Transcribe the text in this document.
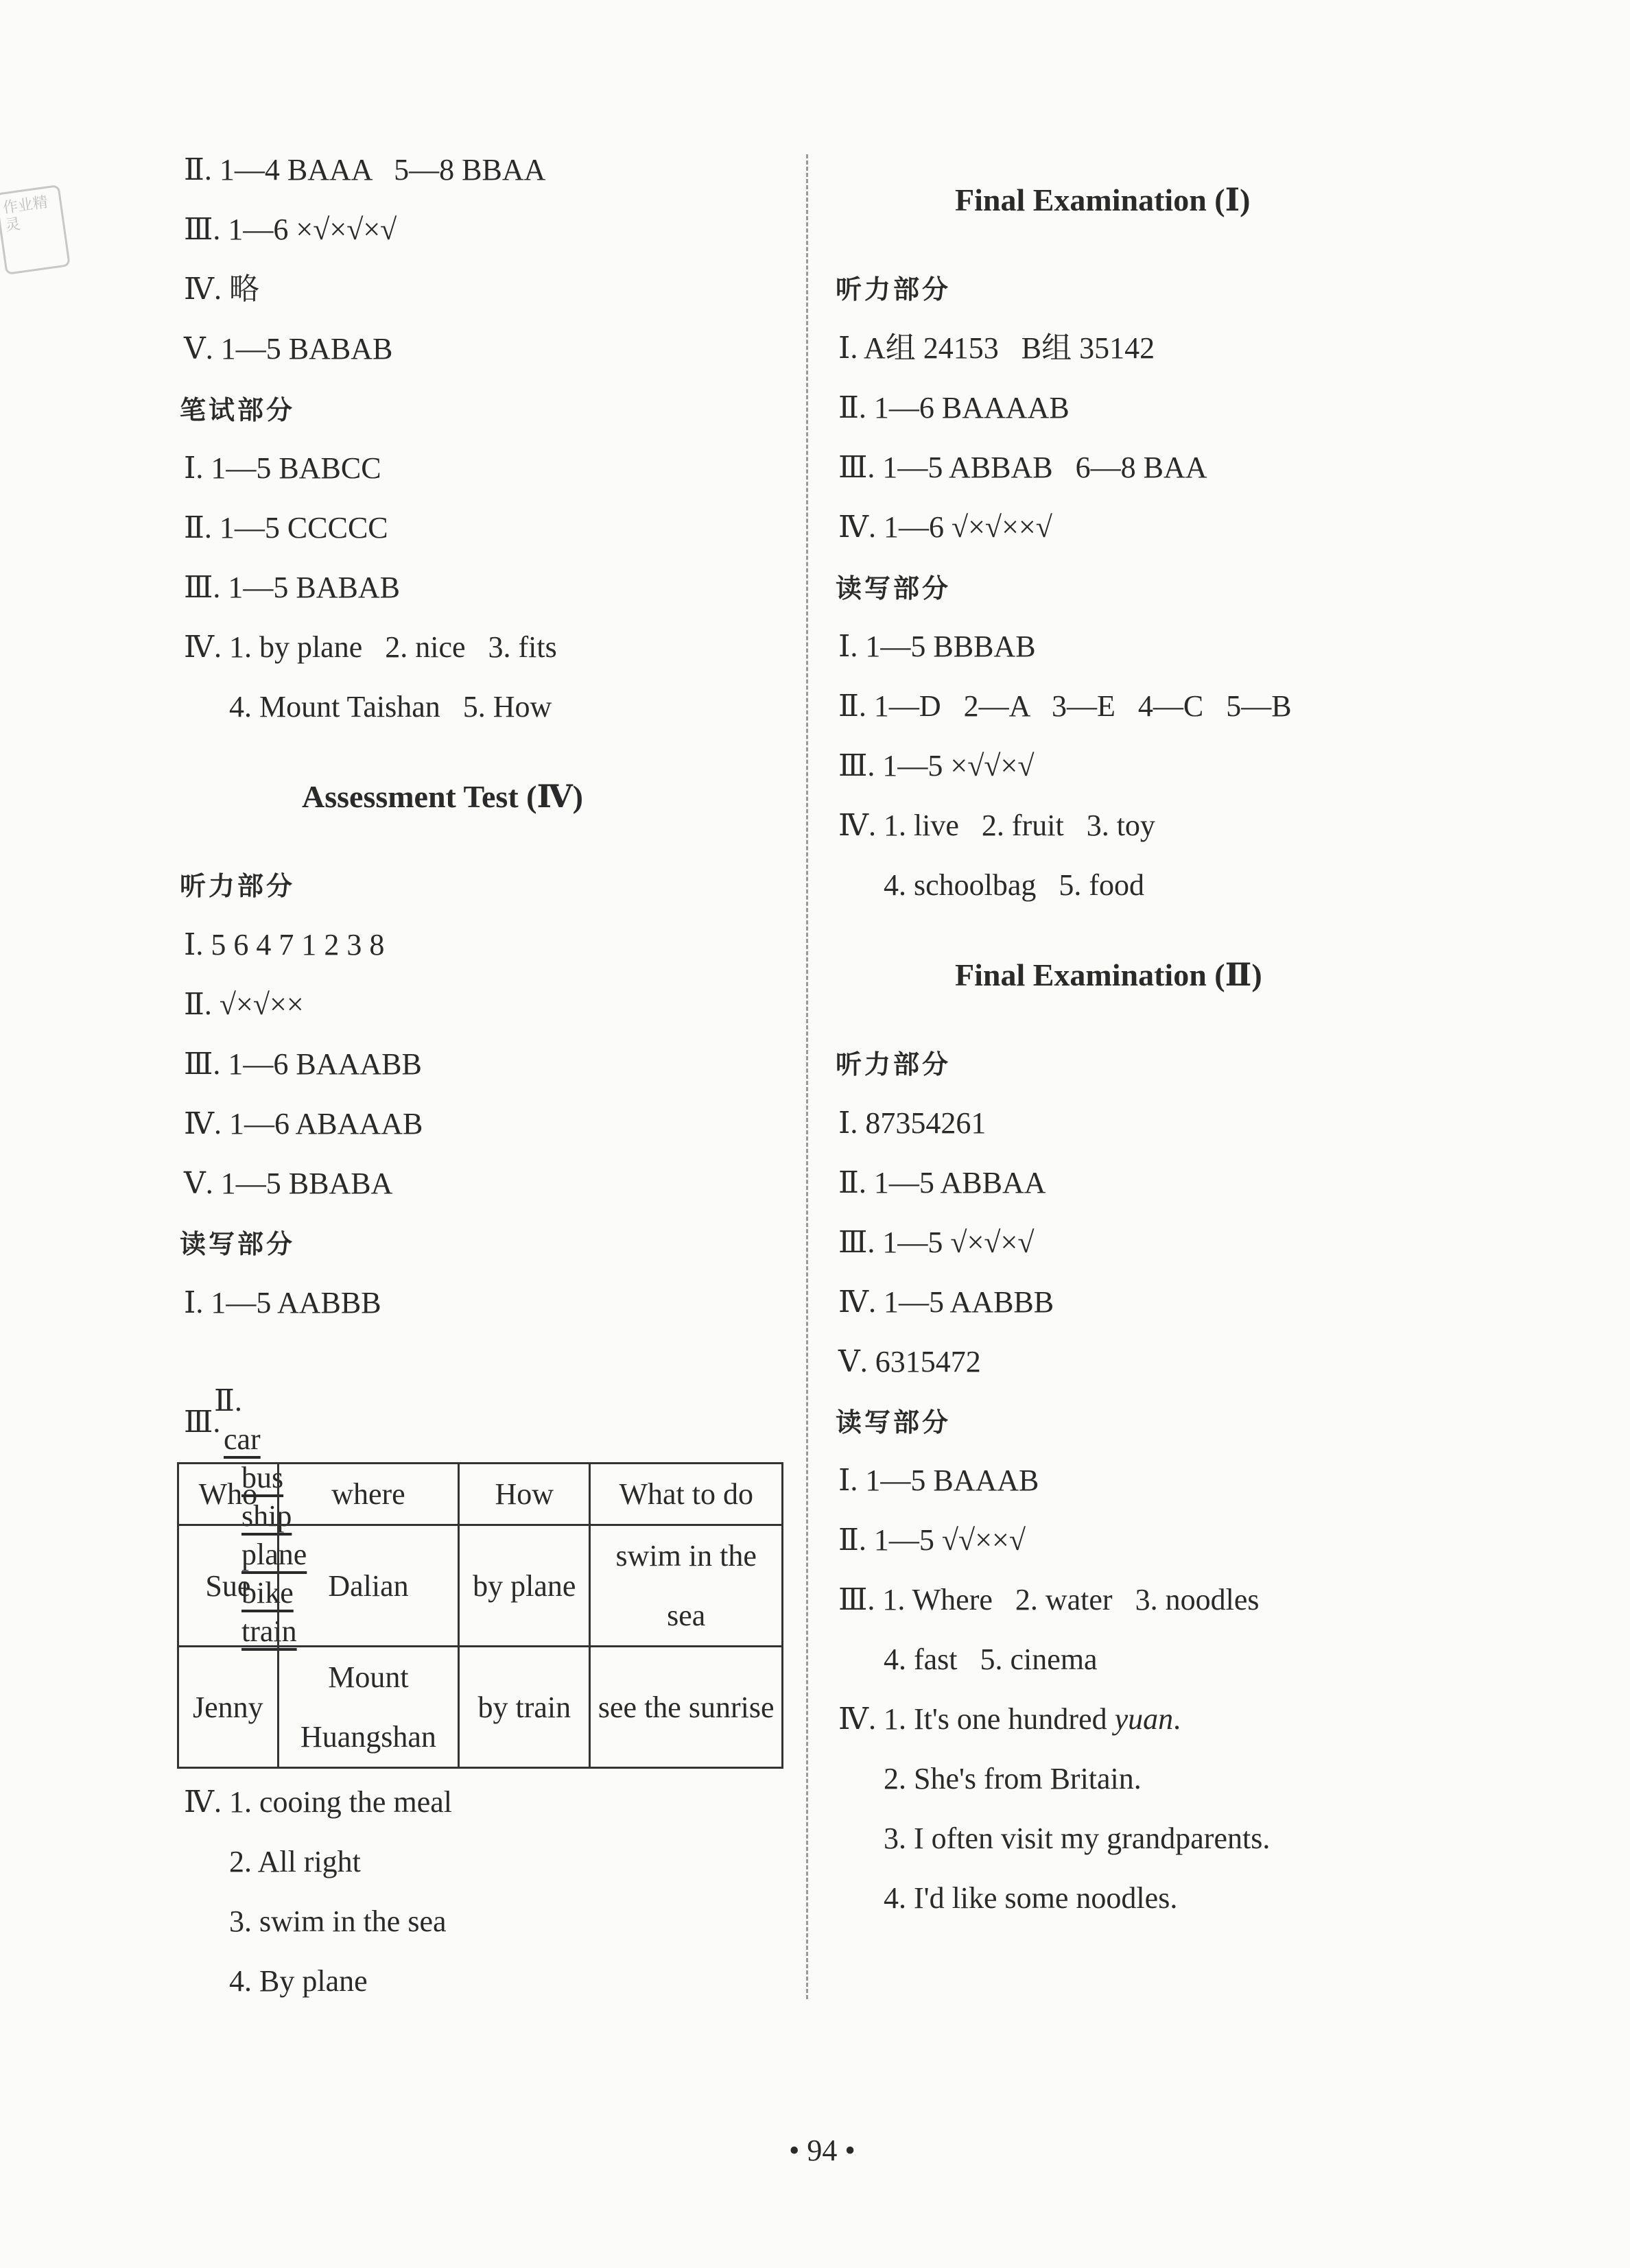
作业精灵
Ⅱ. 1—4 BAAA   5—8 BBAA
Ⅲ. 1—6 ×√×√×√
Ⅳ. 略
Ⅴ. 1—5 BABAB
笔试部分
Ⅰ. 1—5 BABCC
Ⅱ. 1—5 CCCCC
Ⅲ. 1—5 BABAB
Ⅳ. 1. by plane   2. nice   3. fits
4. Mount Taishan   5. How
Assessment Test (Ⅳ)
听力部分
Ⅰ. 5 6 4 7 1 2 3 8
Ⅱ. √×√××
Ⅲ. 1—6 BAAABB
Ⅳ. 1—6 ABAAAB
Ⅴ. 1—5 BBABA
读写部分
Ⅰ. 1—5 AABBB

Ⅱ.
car
bus
ship
plane
bike
train

Ⅲ.
Who	where	How	What to do
Sue	Dalian	by plane	swim in the sea
Jenny	Mount Huangshan	by train	see the sunrise
Ⅳ. 1. cooing the meal
2. All right
3. swim in the sea
4. By plane
Final Examination (Ⅰ)
听力部分
Ⅰ. A组 24153   B组 35142
Ⅱ. 1—6 BAAAAB
Ⅲ. 1—5 ABBAB   6—8 BAA
Ⅳ. 1—6 √×√××√
读写部分
Ⅰ. 1—5 BBBAB
Ⅱ. 1—D   2—A   3—E   4—C   5—B
Ⅲ. 1—5 ×√√×√
Ⅳ. 1. live   2. fruit   3. toy
4. schoolbag   5. food
Final Examination (Ⅱ)
听力部分
Ⅰ. 87354261
Ⅱ. 1—5 ABBAA
Ⅲ. 1—5 √×√×√
Ⅳ. 1—5 AABBB
Ⅴ. 6315472
读写部分
Ⅰ. 1—5 BAAAB
Ⅱ. 1—5 √√××√
Ⅲ. 1. Where   2. water   3. noodles
4. fast   5. cinema
Ⅳ. 1. It's one hundred yuan.
2. She's from Britain.
3. I often visit my grandparents.
4. I'd like some noodles.
• 94 •
